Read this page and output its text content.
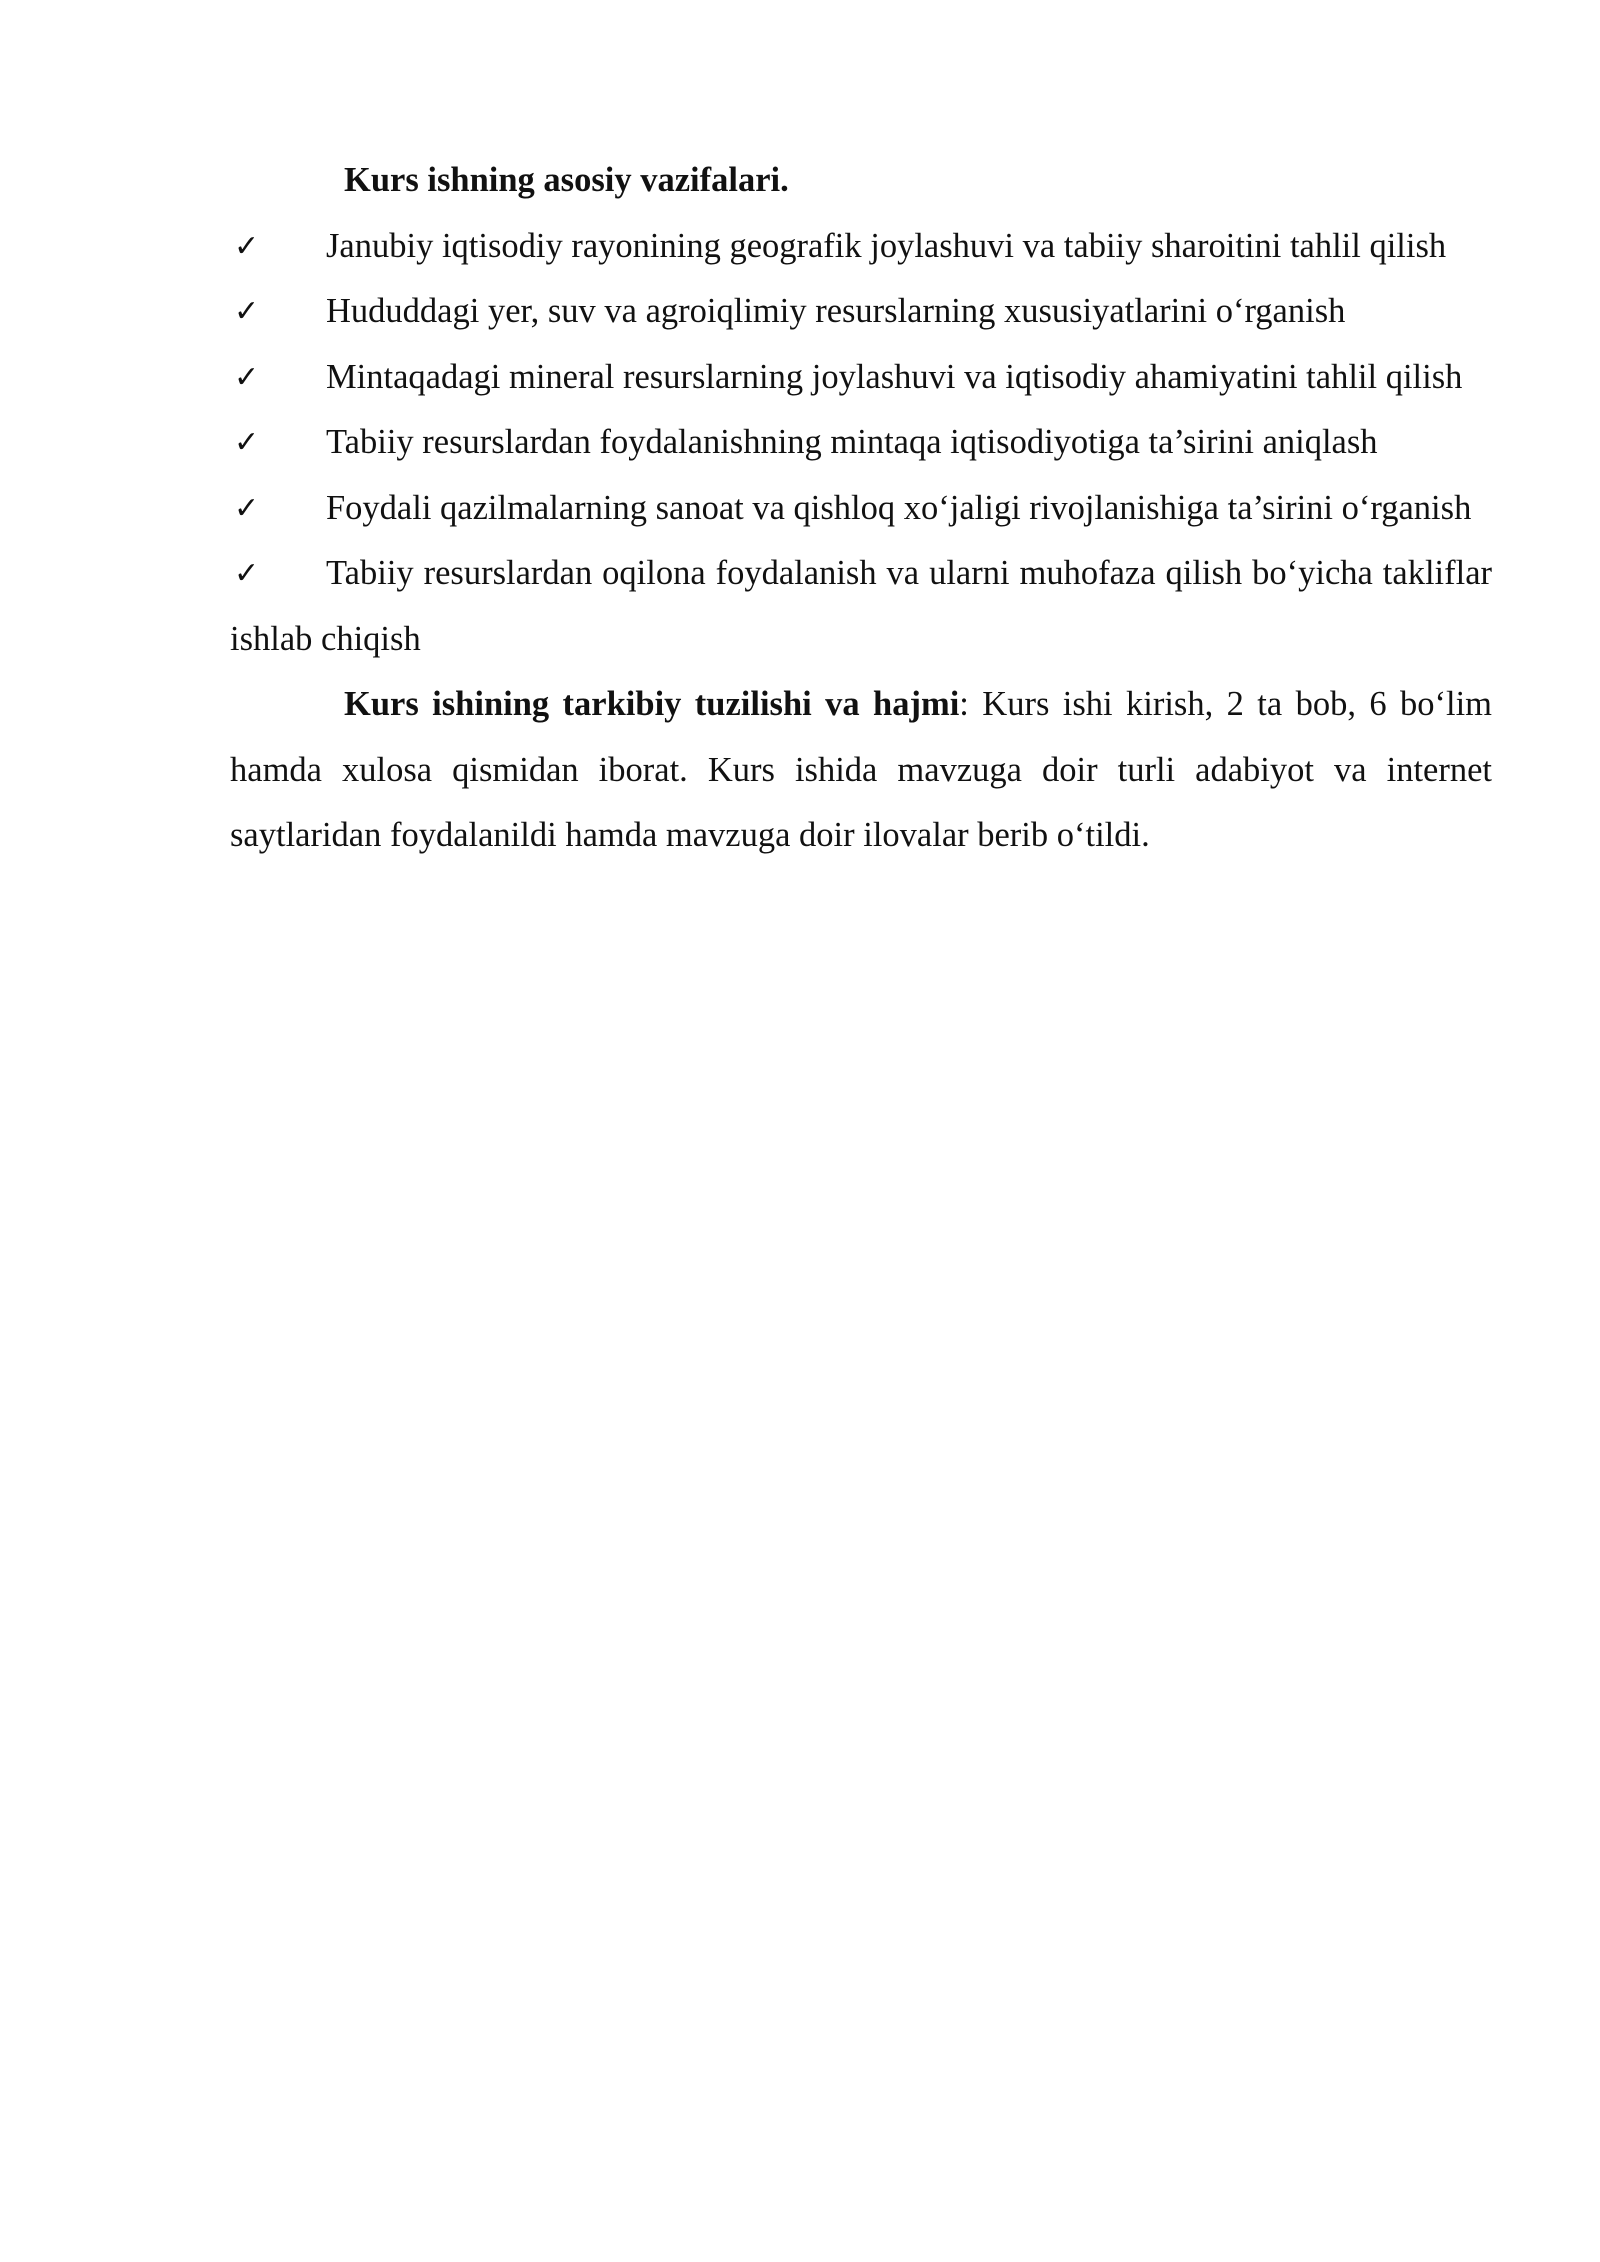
Kurs ishning asosiy vazifalari.

✓ Janubiy iqtisodiy rayonining geografik joylashuvi va tabiiy sharoitini tahlil qilish
✓ Hududdagi yer, suv va agroiqlimiy resurslarning xususiyatlarini o‘rganish
✓ Mintaqadagi mineral resurslarning joylashuvi va iqtisodiy ahamiyatini tahlil qilish
✓ Tabiiy resurslardan foydalanishning mintaqa iqtisodiyotiga ta’sirini aniqlash
✓ Foydali qazilmalarning sanoat va qishloq xo‘jaligi rivojlanishiga ta’sirini o‘rganish
✓ Tabiiy resurslardan oqilona foydalanish va ularni muhofaza qilish bo‘yicha takliflar ishlab chiqish

Kurs ishining tarkibiy tuzilishi va hajmi: Kurs ishi kirish, 2 ta bob, 6 bo‘lim hamda xulosa qismidan iborat. Kurs ishida mavzuga doir turli adabiyot va internet saytlaridan foydalanildi hamda mavzuga doir ilovalar berib o‘tildi.
